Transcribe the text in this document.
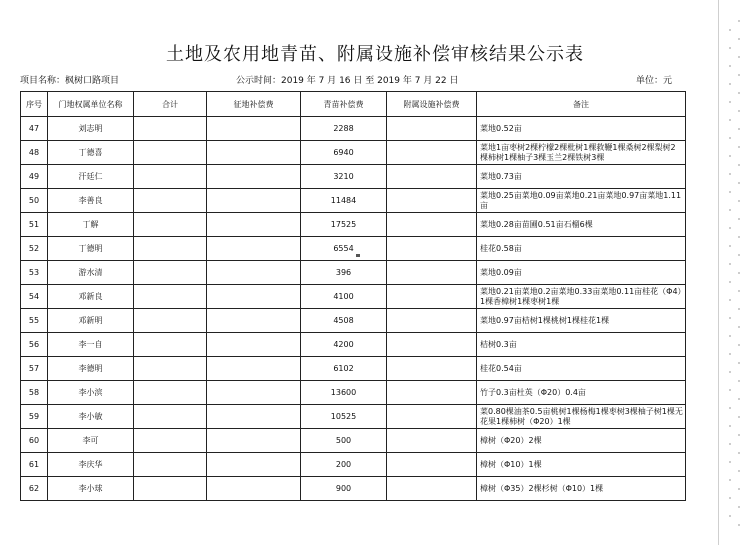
土地及农用地青苗、附属设施补偿审核结果公示表
项目名称：枫树口路项目	公示时间：2019 年 7 月 16 日 至 2019 年 7 月 22 日	单位：元
序号	门地权属单位名称	合计	征地补偿费	青苗补偿费	附属设施补偿费	备注
47	刘志明			2288		菜地0.52亩
48	丁德喜			6940		菜地1亩枣树2棵柠檬2棵枇树1棵救鞭1棵桑树2棵梨树2棵柿树1棵柚子3棵玉兰2棵铁树3棵
49	汗廷仁			3210		菜地0.73亩
50	李善良			11484		菜地0.25亩菜地0.09亩菜地0.21亩菜地0.97亩菜地1.11亩
51	丁解			17525		菜地0.28亩苗圃0.51亩石榴6棵
52	丁德明			6554		桂花0.58亩
53	游水清			396		菜地0.09亩
54	邓新良			4100		菜地0.21亩菜地0.2亩菜地0.33亩菜地0.11亩桂花（Φ4）1棵香樟树1棵枣树1棵
55	邓新明			4508		菜地0.97亩桔树1棵桃树1棵桂花1棵
56	李一自			4200		桔树0.3亩
57	李德明			6102		桂花0.54亩
58	李小滨			13600		竹子0.3亩杜英（Φ20）0.4亩
59	李小敏			10525		菜0.80棵油茶0.5亩桃树1棵杨梅1棵枣树3棵柚子树1棵无花果1棵柿树（Φ20）1棵
60	李可			500		樟树（Φ20）2棵
61	李庆华			200		樟树（Φ10）1棵
62	李小球			900		樟树（Φ35）2棵杉树（Φ10）1棵
